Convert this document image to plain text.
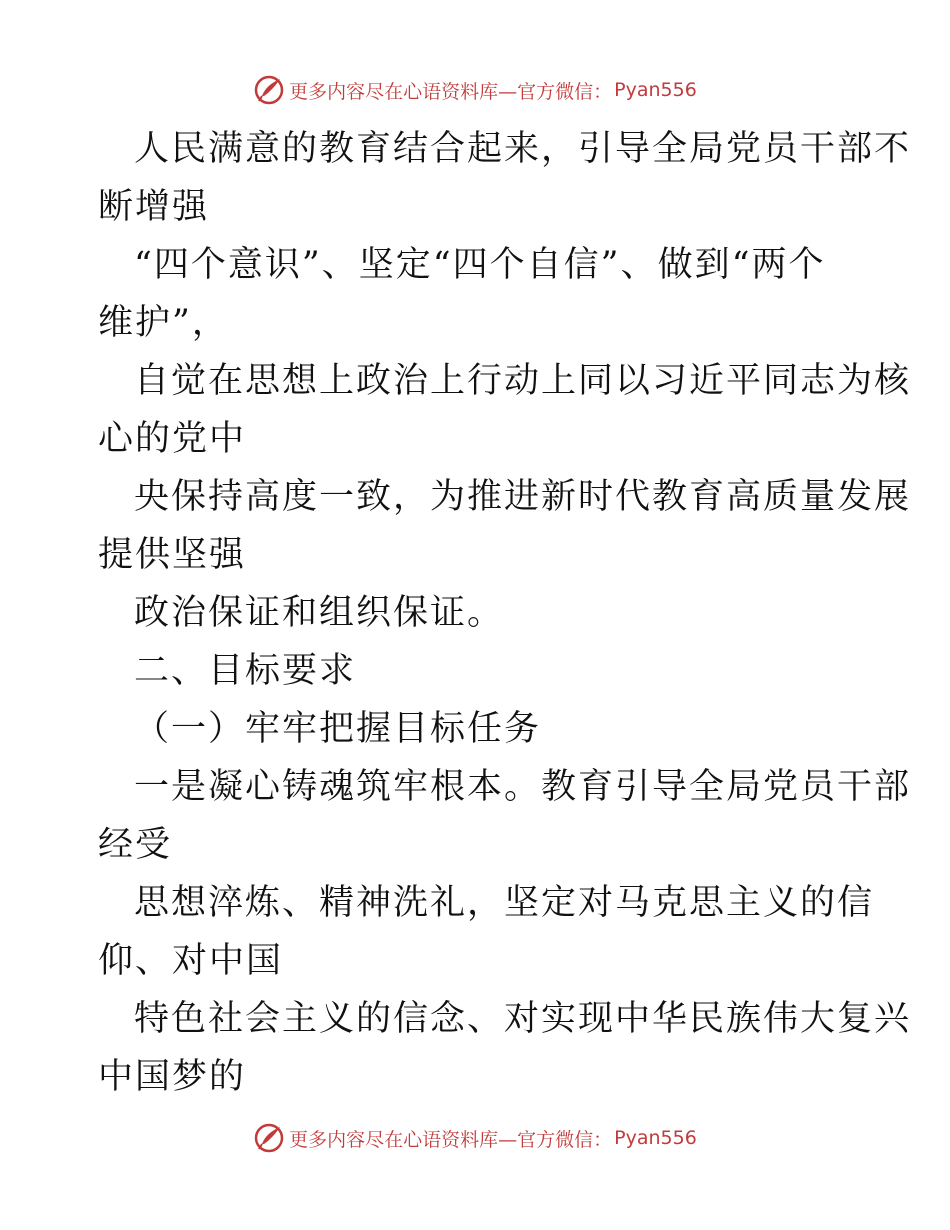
更多内容尽在心语资料库—官方微信： Pyan556
人民满意的教育结合起来，引导全局党员干部不
断增强
“四个意识”、坚定“四个自信”、做到“两个
维护”，
自觉在思想上政治上行动上同以习近平同志为核
心的党中
央保持高度一致，为推进新时代教育高质量发展
提供坚强
政治保证和组织保证。
二、目标要求
（一）牢牢把握目标任务
一是凝心铸魂筑牢根本。教育引导全局党员干部
经受
思想淬炼、精神洗礼，坚定对马克思主义的信
仰、对中国
特色社会主义的信念、对实现中华民族伟大复兴
中国梦的
更多内容尽在心语资料库—官方微信： Pyan556
